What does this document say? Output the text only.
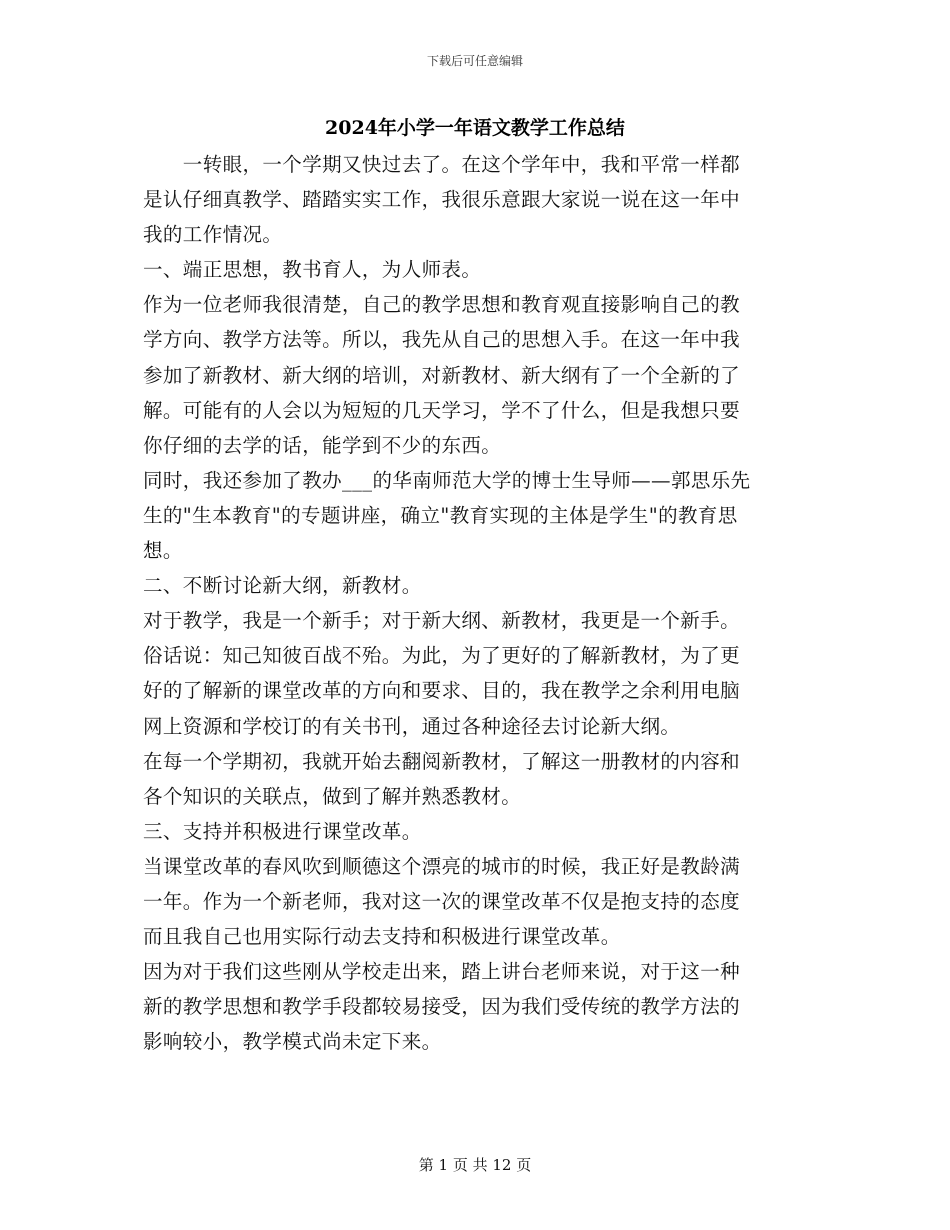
下载后可任意编辑
2024年小学一年语文教学工作总结
　　一转眼，一个学期又快过去了。在这个学年中，我和平常一样都
是认仔细真教学、踏踏实实工作，我很乐意跟大家说一说在这一年中
我的工作情况。
一、端正思想，教书育人，为人师表。
作为一位老师我很清楚，自己的教学思想和教育观直接影响自己的教
学方向、教学方法等。所以，我先从自己的思想入手。在这一年中我
参加了新教材、新大纲的培训，对新教材、新大纲有了一个全新的了
解。可能有的人会以为短短的几天学习，学不了什么，但是我想只要
你仔细的去学的话，能学到不少的东西。
同时，我还参加了教办___的华南师范大学的博士生导师——郭思乐先
生的"生本教育"的专题讲座，确立"教育实现的主体是学生"的教育思
想。
二、不断讨论新大纲，新教材。
对于教学，我是一个新手；对于新大纲、新教材，我更是一个新手。
俗话说：知己知彼百战不殆。为此，为了更好的了解新教材，为了更
好的了解新的课堂改革的方向和要求、目的，我在教学之余利用电脑
网上资源和学校订的有关书刊，通过各种途径去讨论新大纲。
在每一个学期初，我就开始去翻阅新教材，了解这一册教材的内容和
各个知识的关联点，做到了解并熟悉教材。
三、支持并积极进行课堂改革。
当课堂改革的春风吹到顺德这个漂亮的城市的时候，我正好是教龄满
一年。作为一个新老师，我对这一次的课堂改革不仅是抱支持的态度
而且我自己也用实际行动去支持和积极进行课堂改革。
因为对于我们这些刚从学校走出来，踏上讲台老师来说，对于这一种
新的教学思想和教学手段都较易接受，因为我们受传统的教学方法的
影响较小，教学模式尚未定下来。
第 1 页 共 12 页
